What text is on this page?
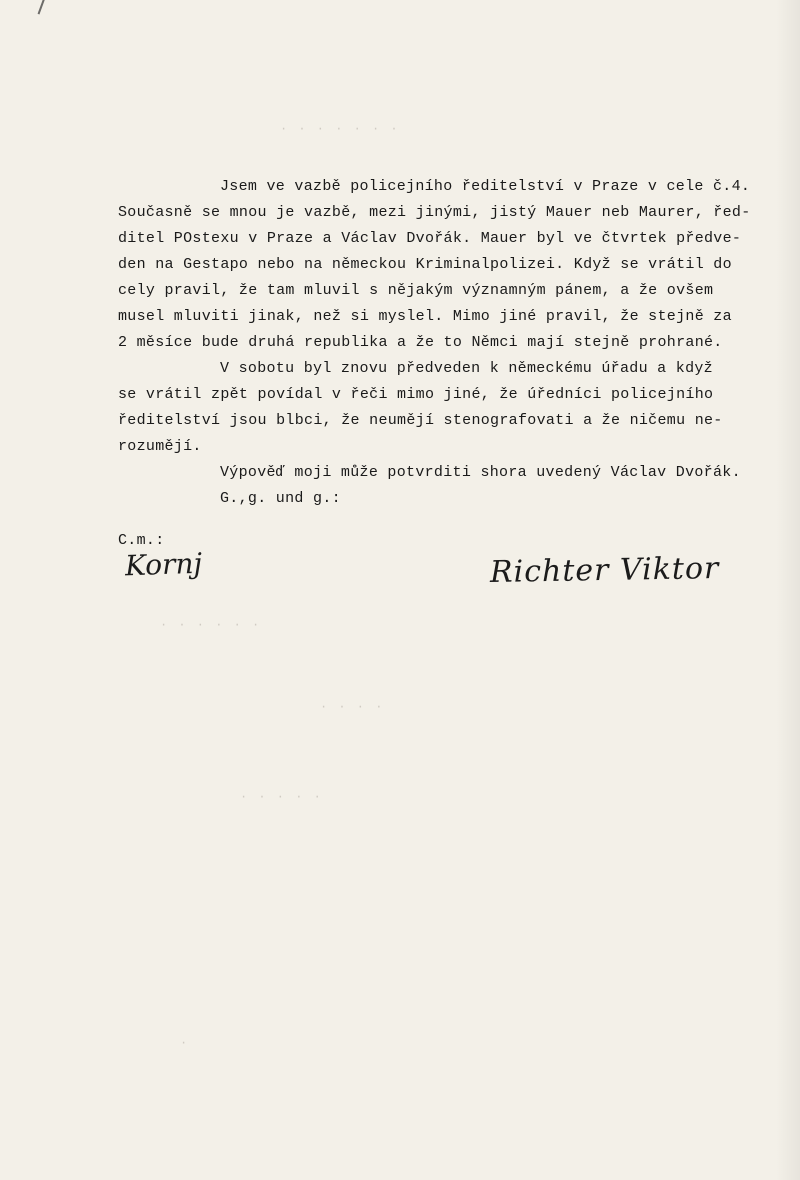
· · · · · · ·
· · · · · ·
· · · ·
· · · · ·
·
Jsem ve vazbě policejního ředitelství v Praze v cele č.4.
Současně se mnou je vazbě, mezi jinými, jistý Mauer neb Maurer, řed-
ditel POstexu v Praze a Václav Dvořák. Mauer byl ve čtvrtek předve-
den na Gestapo nebo na německou Kriminalpolizei. Když se vrátil do
cely pravil, že tam mluvil s nějakým významným pánem, a že ovšem
musel mluviti jinak, než si myslel. Mimo jiné pravil, že stejně za
2 měsíce bude druhá republika a že to Němci mají stejně prohrané.
V sobotu byl znovu předveden k německému úřadu a když
se vrátil zpět povídal v řeči mimo jiné, že úředníci policejního
ředitelství jsou blbci, že neumějí stenografovati a že ničemu ne-
rozumějí.
Výpověď moji může potvrditi shora uvedený Václav Dvořák.
G.,g. und g.:
C.m.:
Kornj	Richter Viktor
